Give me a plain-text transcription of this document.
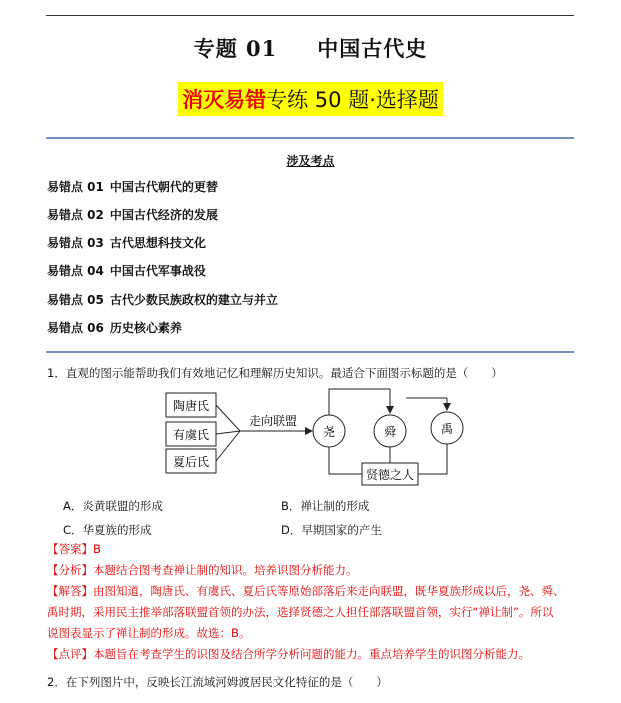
专题 01 中国古代史
消灭易错专练 50 题·选择题
涉及考点
易错点 01 中国古代朝代的更替
易错点 02 中国古代经济的发展
易错点 03 古代思想科技文化
易错点 04 中国古代军事战役
易错点 05 古代少数民族政权的建立与并立
易错点 06 历史核心素养
1．直观的图示能帮助我们有效地记忆和理解历史知识。最适合下面图示标题的是（　　）
陶唐氏
有虞氏
夏后氏
走向联盟
尧	舜	禹
贤德之人
A．炎黄联盟的形成	B．禅让制的形成
C．华夏族的形成	D．早期国家的产生
【答案】B
【分析】本题结合图考查禅让制的知识。培养识图分析能力。
【解答】由图知道，陶唐氏、有虞氏、夏后氏等原始部落后来走向联盟，既华夏族形成以后，尧、舜、
禹时期，采用民主推举部落联盟首领的办法，选择贤德之人担任部落联盟首领，实行“禅让制”。所以
说图表显示了禅让制的形成。故选：B。
【点评】本题旨在考查学生的识图及结合所学分析问题的能力。重点培养学生的识图分析能力。
2．在下列图片中，反映长江流域河姆渡居民文化特征的是（　　）
